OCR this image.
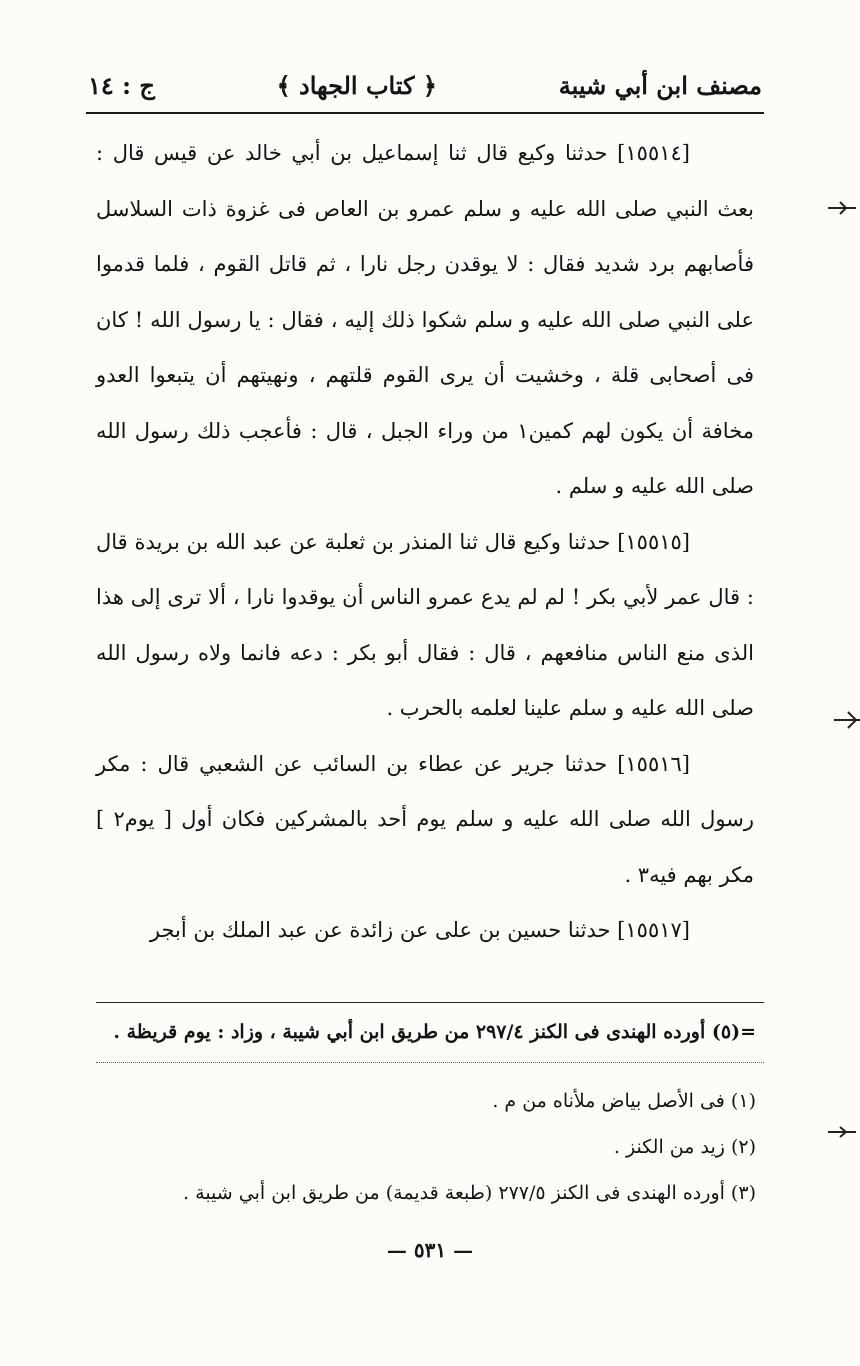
مصنف ابن أبي شيبة
﴿ كتاب الجهاد ﴾
ج : ١٤

[١٥٥١٤] حدثنا وكيع قال ثنا إسماعيل بن أبي خالد عن قيس قال : بعث النبي صلى الله عليه و سلم عمرو بن العاص فى غزوة ذات السلاسل فأصابهم برد شديد فقال : لا يوقدن رجل نارا ، ثم قاتل القوم ، فلما قدموا على النبي صلى الله عليه و سلم شكوا ذلك إليه ، فقال : يا رسول الله ! كان فى أصحابى قلة ، وخشيت أن يرى القوم قلتهم ، ونهيتهم أن يتبعوا العدو مخافة أن يكون لهم كمين١ من وراء الجبل ، قال : فأعجب ذلك رسول الله صلى الله عليه و سلم .

[١٥٥١٥] حدثنا وكيع قال ثنا المنذر بن ثعلبة عن عبد الله بن بريدة قال : قال عمر لأبي بكر ! لم لم يدع عمرو الناس أن يوقدوا نارا ، ألا ترى إلى هذا الذى منع الناس منافعهم ، قال : فقال أبو بكر : دعه فانما ولاه رسول الله صلى الله عليه و سلم علينا لعلمه بالحرب .

[١٥٥١٦] حدثنا جرير عن عطاء بن السائب عن الشعبي قال : مكر رسول الله صلى الله عليه و سلم يوم أحد بالمشركين فكان أول [ يوم٢ ] مكر بهم فيه٣ .

[١٥٥١٧] حدثنا حسين بن على عن زائدة عن عبد الملك بن أبجر

=(٥) أورده الهندى فى الكنز ٢٩٧/٤ من طريق ابن أبي شيبة ، وزاد : يوم قريظة .

(١) فى الأصل بياض ملأناه من م .

(٢) زيد من الكنز .

(٣) أورده الهندى فى الكنز ٢٧٧/٥ (طبعة قديمة) من طريق ابن أبي شيبة .

— ٥٣١ —
